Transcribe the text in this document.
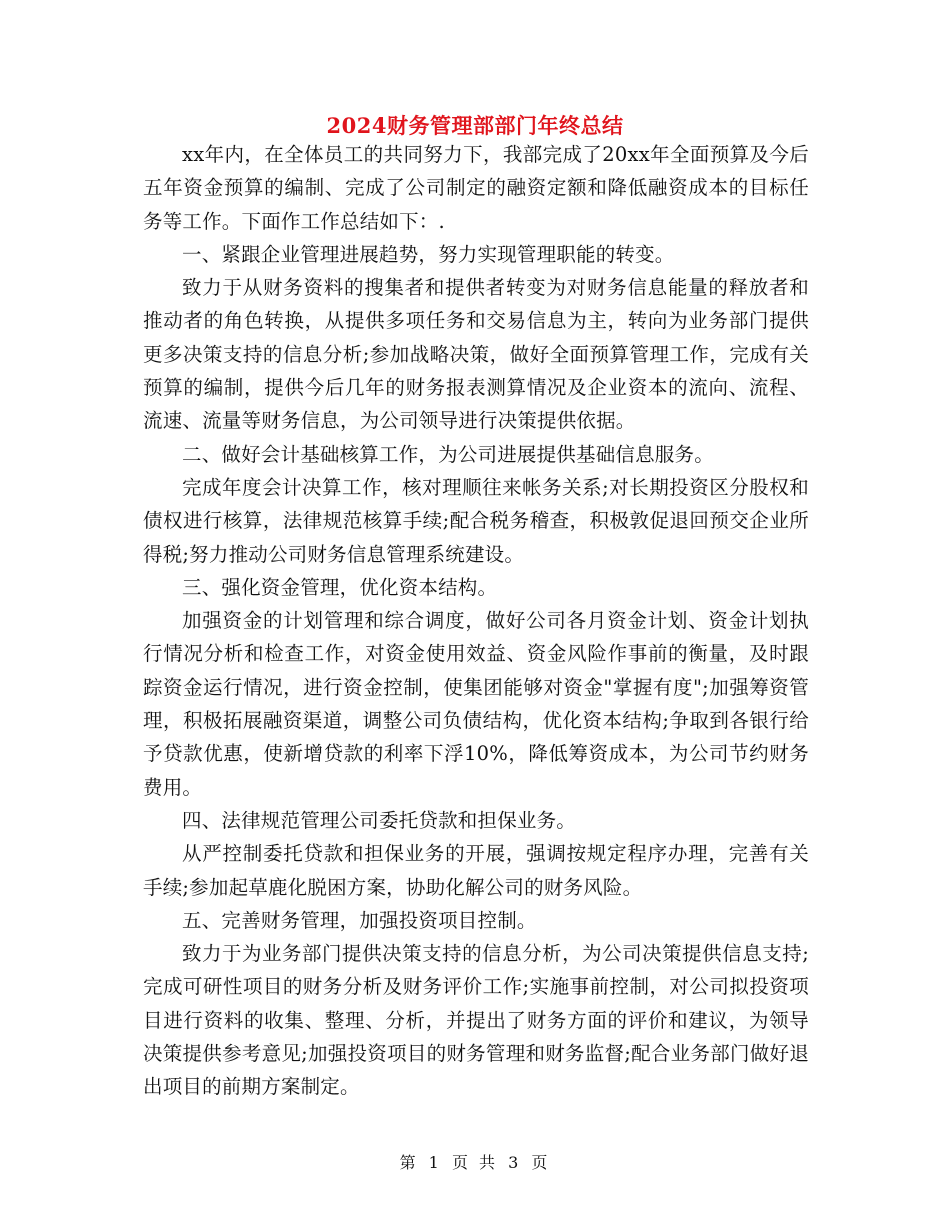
2024财务管理部部门年终总结

xx年内，在全体员工的共同努力下，我部完成了20xx年全面预算及今后五年资金预算的编制、完成了公司制定的融资定额和降低融资成本的目标任务等工作。下面作工作总结如下：.

一、紧跟企业管理进展趋势，努力实现管理职能的转变。

致力于从财务资料的搜集者和提供者转变为对财务信息能量的释放者和推动者的角色转换，从提供多项任务和交易信息为主，转向为业务部门提供更多决策支持的信息分析;参加战略决策，做好全面预算管理工作，完成有关预算的编制，提供今后几年的财务报表测算情况及企业资本的流向、流程、流速、流量等财务信息，为公司领导进行决策提供依据。

二、做好会计基础核算工作，为公司进展提供基础信息服务。

完成年度会计决算工作，核对理顺往来帐务关系;对长期投资区分股权和债权进行核算，法律规范核算手续;配合税务稽查，积极敦促退回预交企业所得税;努力推动公司财务信息管理系统建设。

三、强化资金管理，优化资本结构。

加强资金的计划管理和综合调度，做好公司各月资金计划、资金计划执行情况分析和检查工作，对资金使用效益、资金风险作事前的衡量，及时跟踪资金运行情况，进行资金控制，使集团能够对资金"掌握有度";加强筹资管理，积极拓展融资渠道，调整公司负债结构，优化资本结构;争取到各银行给予贷款优惠，使新增贷款的利率下浮10%，降低筹资成本，为公司节约财务费用。

四、法律规范管理公司委托贷款和担保业务。

从严控制委托贷款和担保业务的开展，强调按规定程序办理，完善有关手续;参加起草鹿化脱困方案，协助化解公司的财务风险。

五、完善财务管理，加强投资项目控制。

致力于为业务部门提供决策支持的信息分析，为公司决策提供信息支持;完成可研性项目的财务分析及财务评价工作;实施事前控制，对公司拟投资项目进行资料的收集、整理、分析，并提出了财务方面的评价和建议，为领导决策提供参考意见;加强投资项目的财务管理和财务监督;配合业务部门做好退出项目的前期方案制定。

第 1 页 共 3 页
